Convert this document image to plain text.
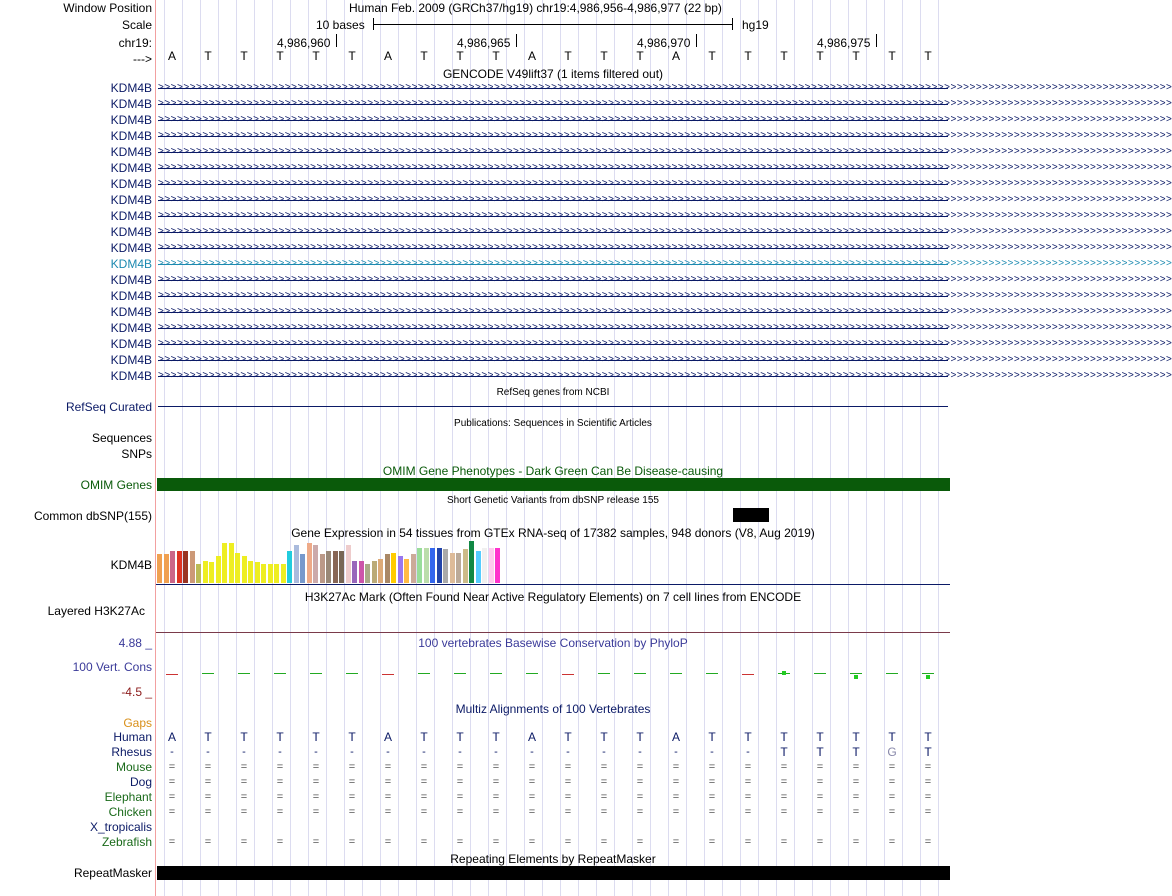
Window Position	Human Feb. 2009 (GRCh37/hg19) chr19:4,986,956-4,986,977 (22 bp)
Scale	10 bases	hg19
chr19:	4,986,960	4,986,965	4,986,970	4,986,975
--->	A	T	T	T	T	T	A	T	T	T	A	T	T	T	A	T	T	T	T	T	T	T
GENCODE V49lift37 (1 items filtered out)
KDM4B >>>>>>>>>>>>>>>>>>>>>>>>>>>>>>>>>>>>>>>>>>>>>>>>>>>>>>>>>>>>>>>>>>>>>>>>>>>>>>>>>>>>>>>>>>>>>>>>>>>>>>>>>>>>>>>>>>>>>>>>>>>>>>>>>>>>>>>>>>>>>>>>>>>>>>>>>>>>>>>>
KDM4B >>>>>>>>>>>>>>>>>>>>>>>>>>>>>>>>>>>>>>>>>>>>>>>>>>>>>>>>>>>>>>>>>>>>>>>>>>>>>>>>>>>>>>>>>>>>>>>>>>>>>>>>>>>>>>>>>>>>>>>>>>>>>>>>>>>>>>>>>>>>>>>>>>>>>>>>>>>>>>>>
KDM4B >>>>>>>>>>>>>>>>>>>>>>>>>>>>>>>>>>>>>>>>>>>>>>>>>>>>>>>>>>>>>>>>>>>>>>>>>>>>>>>>>>>>>>>>>>>>>>>>>>>>>>>>>>>>>>>>>>>>>>>>>>>>>>>>>>>>>>>>>>>>>>>>>>>>>>>>>>>>>>>>
KDM4B >>>>>>>>>>>>>>>>>>>>>>>>>>>>>>>>>>>>>>>>>>>>>>>>>>>>>>>>>>>>>>>>>>>>>>>>>>>>>>>>>>>>>>>>>>>>>>>>>>>>>>>>>>>>>>>>>>>>>>>>>>>>>>>>>>>>>>>>>>>>>>>>>>>>>>>>>>>>>>>>
KDM4B >>>>>>>>>>>>>>>>>>>>>>>>>>>>>>>>>>>>>>>>>>>>>>>>>>>>>>>>>>>>>>>>>>>>>>>>>>>>>>>>>>>>>>>>>>>>>>>>>>>>>>>>>>>>>>>>>>>>>>>>>>>>>>>>>>>>>>>>>>>>>>>>>>>>>>>>>>>>>>>>
KDM4B >>>>>>>>>>>>>>>>>>>>>>>>>>>>>>>>>>>>>>>>>>>>>>>>>>>>>>>>>>>>>>>>>>>>>>>>>>>>>>>>>>>>>>>>>>>>>>>>>>>>>>>>>>>>>>>>>>>>>>>>>>>>>>>>>>>>>>>>>>>>>>>>>>>>>>>>>>>>>>>>
KDM4B >>>>>>>>>>>>>>>>>>>>>>>>>>>>>>>>>>>>>>>>>>>>>>>>>>>>>>>>>>>>>>>>>>>>>>>>>>>>>>>>>>>>>>>>>>>>>>>>>>>>>>>>>>>>>>>>>>>>>>>>>>>>>>>>>>>>>>>>>>>>>>>>>>>>>>>>>>>>>>>>
KDM4B >>>>>>>>>>>>>>>>>>>>>>>>>>>>>>>>>>>>>>>>>>>>>>>>>>>>>>>>>>>>>>>>>>>>>>>>>>>>>>>>>>>>>>>>>>>>>>>>>>>>>>>>>>>>>>>>>>>>>>>>>>>>>>>>>>>>>>>>>>>>>>>>>>>>>>>>>>>>>>>>
KDM4B >>>>>>>>>>>>>>>>>>>>>>>>>>>>>>>>>>>>>>>>>>>>>>>>>>>>>>>>>>>>>>>>>>>>>>>>>>>>>>>>>>>>>>>>>>>>>>>>>>>>>>>>>>>>>>>>>>>>>>>>>>>>>>>>>>>>>>>>>>>>>>>>>>>>>>>>>>>>>>>>
KDM4B >>>>>>>>>>>>>>>>>>>>>>>>>>>>>>>>>>>>>>>>>>>>>>>>>>>>>>>>>>>>>>>>>>>>>>>>>>>>>>>>>>>>>>>>>>>>>>>>>>>>>>>>>>>>>>>>>>>>>>>>>>>>>>>>>>>>>>>>>>>>>>>>>>>>>>>>>>>>>>>>
KDM4B >>>>>>>>>>>>>>>>>>>>>>>>>>>>>>>>>>>>>>>>>>>>>>>>>>>>>>>>>>>>>>>>>>>>>>>>>>>>>>>>>>>>>>>>>>>>>>>>>>>>>>>>>>>>>>>>>>>>>>>>>>>>>>>>>>>>>>>>>>>>>>>>>>>>>>>>>>>>>>>>
KDM4B >>>>>>>>>>>>>>>>>>>>>>>>>>>>>>>>>>>>>>>>>>>>>>>>>>>>>>>>>>>>>>>>>>>>>>>>>>>>>>>>>>>>>>>>>>>>>>>>>>>>>>>>>>>>>>>>>>>>>>>>>>>>>>>>>>>>>>>>>>>>>>>>>>>>>>>>>>>>>>>>
KDM4B >>>>>>>>>>>>>>>>>>>>>>>>>>>>>>>>>>>>>>>>>>>>>>>>>>>>>>>>>>>>>>>>>>>>>>>>>>>>>>>>>>>>>>>>>>>>>>>>>>>>>>>>>>>>>>>>>>>>>>>>>>>>>>>>>>>>>>>>>>>>>>>>>>>>>>>>>>>>>>>>
KDM4B >>>>>>>>>>>>>>>>>>>>>>>>>>>>>>>>>>>>>>>>>>>>>>>>>>>>>>>>>>>>>>>>>>>>>>>>>>>>>>>>>>>>>>>>>>>>>>>>>>>>>>>>>>>>>>>>>>>>>>>>>>>>>>>>>>>>>>>>>>>>>>>>>>>>>>>>>>>>>>>>
KDM4B >>>>>>>>>>>>>>>>>>>>>>>>>>>>>>>>>>>>>>>>>>>>>>>>>>>>>>>>>>>>>>>>>>>>>>>>>>>>>>>>>>>>>>>>>>>>>>>>>>>>>>>>>>>>>>>>>>>>>>>>>>>>>>>>>>>>>>>>>>>>>>>>>>>>>>>>>>>>>>>>
KDM4B >>>>>>>>>>>>>>>>>>>>>>>>>>>>>>>>>>>>>>>>>>>>>>>>>>>>>>>>>>>>>>>>>>>>>>>>>>>>>>>>>>>>>>>>>>>>>>>>>>>>>>>>>>>>>>>>>>>>>>>>>>>>>>>>>>>>>>>>>>>>>>>>>>>>>>>>>>>>>>>>
KDM4B >>>>>>>>>>>>>>>>>>>>>>>>>>>>>>>>>>>>>>>>>>>>>>>>>>>>>>>>>>>>>>>>>>>>>>>>>>>>>>>>>>>>>>>>>>>>>>>>>>>>>>>>>>>>>>>>>>>>>>>>>>>>>>>>>>>>>>>>>>>>>>>>>>>>>>>>>>>>>>>>
KDM4B >>>>>>>>>>>>>>>>>>>>>>>>>>>>>>>>>>>>>>>>>>>>>>>>>>>>>>>>>>>>>>>>>>>>>>>>>>>>>>>>>>>>>>>>>>>>>>>>>>>>>>>>>>>>>>>>>>>>>>>>>>>>>>>>>>>>>>>>>>>>>>>>>>>>>>>>>>>>>>>>
KDM4B >>>>>>>>>>>>>>>>>>>>>>>>>>>>>>>>>>>>>>>>>>>>>>>>>>>>>>>>>>>>>>>>>>>>>>>>>>>>>>>>>>>>>>>>>>>>>>>>>>>>>>>>>>>>>>>>>>>>>>>>>>>>>>>>>>>>>>>>>>>>>>>>>>>>>>>>>>>>>>>>
RefSeq genes from NCBI
RefSeq Curated
Publications: Sequences in Scientific Articles
Sequences
SNPs
OMIM Gene Phenotypes - Dark Green Can Be Disease-causing
OMIM Genes
Short Genetic Variants from dbSNP release 155
Common dbSNP(155)
Gene Expression in 54 tissues from GTEx RNA-seq of 17382 samples, 948 donors (V8, Aug 2019)
KDM4B
H3K27Ac Mark (Often Found Near Active Regulatory Elements) on 7 cell lines from ENCODE
Layered H3K27Ac
100 vertebrates Basewise Conservation by PhyloP
4.88 _
100 Vert. Cons
-4.5 _
Multiz Alignments of 100 Vertebrates
Gaps
Human	A	T	T	T	T	T	A	T	T	T	A	T	T	T	A	T	T	T	T	T	T	T
Rhesus	-	-	-	-	-	-	-	-	-	-	-	-	-	-	-	-	-	T	T	T	G	T
Mouse	=	=	=	=	=	=	=	=	=	=	=	=	=	=	=	=	=	=	=	=	=	=
Dog	=	=	=	=	=	=	=	=	=	=	=	=	=	=	=	=	=	=	=	=	=	=
Elephant	=	=	=	=	=	=	=	=	=	=	=	=	=	=	=	=	=	=	=	=	=	=
Chicken	=	=	=	=	=	=	=	=	=	=	=	=	=	=	=	=	=	=	=	=	=	=
X_tropicalis
Zebrafish	=	=	=	=	=	=	=	=	=	=	=	=	=	=	=	=	=	=	=	=	=	=
Repeating Elements by RepeatMasker
RepeatMasker
